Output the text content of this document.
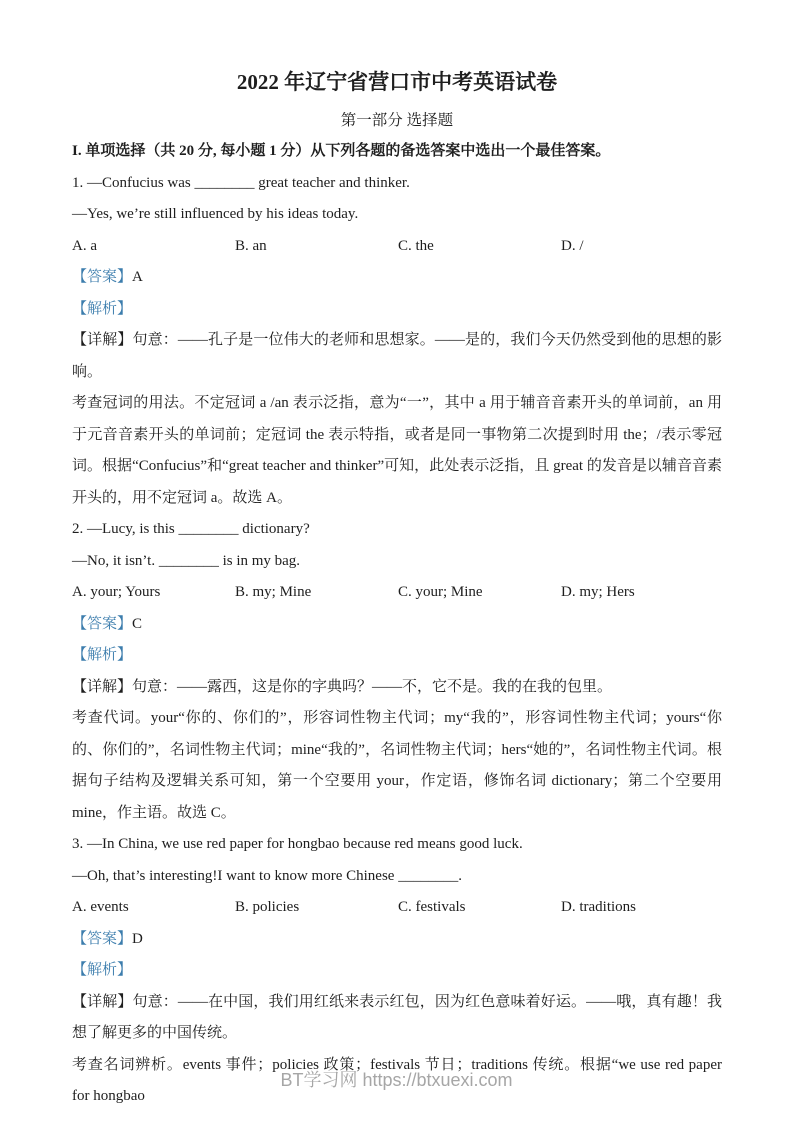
2022 年辽宁省营口市中考英语试卷

第一部分 选择题

I. 单项选择（共 20 分, 每小题 1 分）从下列各题的备选答案中选出一个最佳答案。

1. —Confucius was ________ great teacher and thinker.

—Yes, we’re still influenced by his ideas today.

A. a	B. an	C. the	D. /

【答案】A

【解析】

【详解】句意：——孔子是一位伟大的老师和思想家。——是的，我们今天仍然受到他的思想的影响。

考查冠词的用法。不定冠词 a /an 表示泛指，意为“一”，其中 a 用于辅音音素开头的单词前，an 用于元音音素开头的单词前；定冠词 the 表示特指，或者是同一事物第二次提到时用 the；/表示零冠词。根据“Confucius”和“great teacher and thinker”可知，此处表示泛指，且 great 的发音是以辅音音素开头的，用不定冠词 a。故选 A。

2. —Lucy, is this ________ dictionary?

—No, it isn’t. ________ is in my bag.

A. your; Yours	B. my; Mine	C. your; Mine	D. my; Hers

【答案】C

【解析】

【详解】句意：——露西，这是你的字典吗？——不，它不是。我的在我的包里。

考查代词。your“你的、你们的”，形容词性物主代词；my“我的”，形容词性物主代词；yours“你的、你们的”，名词性物主代词；mine“我的”，名词性物主代词；hers“她的”，名词性物主代词。根据句子结构及逻辑关系可知，第一个空要用 your，作定语，修饰名词 dictionary；第二个空要用 mine，作主语。故选 C。

3. —In China, we use red paper for hongbao because red means good luck.

—Oh, that’s interesting!I want to know more Chinese ________.

A. events	B. policies	C. festivals	D. traditions

【答案】D

【解析】

【详解】句意：——在中国，我们用红纸来表示红包，因为红色意味着好运。——哦，真有趣！我想了解更多的中国传统。

考查名词辨析。events 事件；policies 政策；festivals 节日；traditions 传统。根据“we use red paper for hongbao

BT学习网 https://btxuexi.com
